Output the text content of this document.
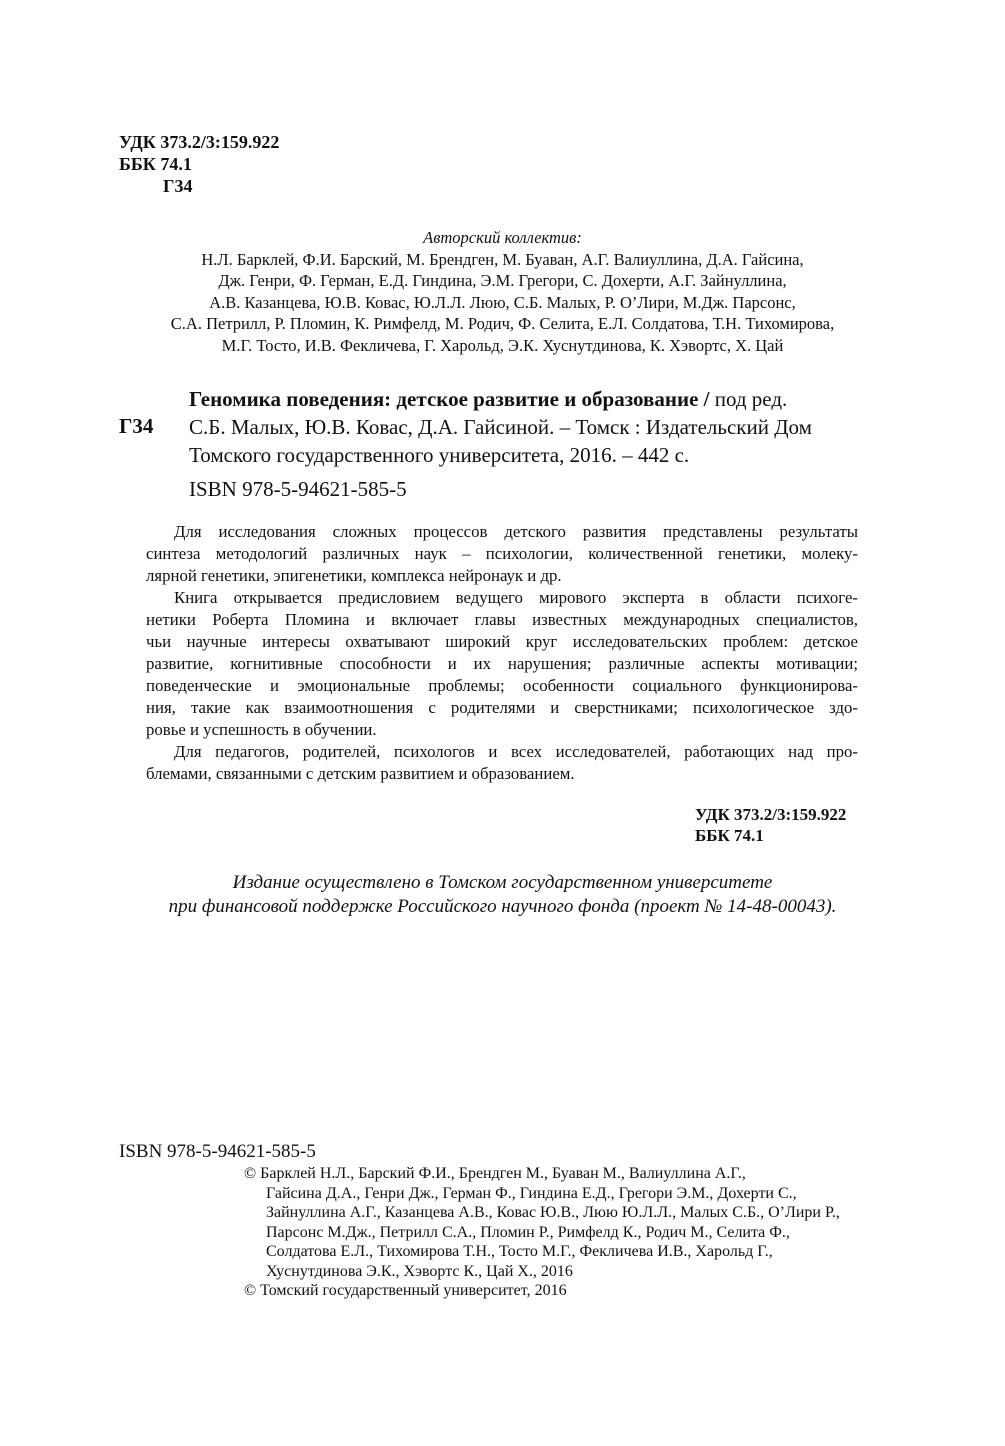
УДК 373.2/3:159.922
ББК 74.1
Г34
Авторский коллектив:
Н.Л. Барклей, Ф.И. Барский, М. Брендген, М. Буаван, А.Г. Валиуллина, Д.А. Гайсина,
Дж. Генри, Ф. Герман, Е.Д. Гиндина, Э.М. Грегори, С. Дохерти, А.Г. Зайнуллина,
А.В. Казанцева, Ю.В. Ковас, Ю.Л.Л. Люю, С.Б. Малых, Р. О’Лири, М.Дж. Парсонс,
С.А. Петрилл, Р. Пломин, К. Римфелд, М. Родич, Ф. Селита, Е.Л. Солдатова, Т.Н. Тихомирова,
М.Г. Тосто, И.В. Фекличева, Г. Харольд, Э.К. Хуснутдинова, К. Хэвортс, Х. Цай
Г34
Геномика поведения: детское развитие и образование / под ред.
С.Б. Малых, Ю.В. Ковас, Д.А. Гайсиной. – Томск : Издательский Дом
Томского государственного университета, 2016. – 442 с.
ISBN 978-5-94621-585-5

Для исследования сложных процессов детского развития представлены результаты
синтеза методологий различных наук – психологии, количественной генетики, молеку-
лярной генетики, эпигенетики, комплекса нейронаук и др.

Книга открывается предисловием ведущего мирового эксперта в области психоге-
нетики Роберта Пломина и включает главы известных международных специалистов,
чьи научные интересы охватывают широкий круг исследовательских проблем: детское
развитие, когнитивные способности и их нарушения; различные аспекты мотивации;
поведенческие и эмоциональные проблемы; особенности социального функционирова-
ния, такие как взаимоотношения с родителями и сверстниками; психологическое здо-
ровье и успешность в обучении.

Для педагогов, родителей, психологов и всех исследователей, работающих над про-
блемами, связанными с детским развитием и образованием.

УДК 373.2/3:159.922
ББК 74.1
Издание осуществлено в Томском государственном университете
при финансовой поддержке Российского научного фонда (проект № 14-48-00043).
ISBN 978-5-94621-585-5
© Барклей Н.Л., Барский Ф.И., Брендген М., Буаван М., Валиуллина А.Г.,
Гайсина Д.А., Генри Дж., Герман Ф., Гиндина Е.Д., Грегори Э.М., Дохерти С.,
Зайнуллина А.Г., Казанцева А.В., Ковас Ю.В., Люю Ю.Л.Л., Малых С.Б., О’Лири Р.,
Парсонс М.Дж., Петрилл С.А., Пломин Р., Римфелд К., Родич М., Селита Ф.,
Солдатова Е.Л., Тихомирова Т.Н., Тосто М.Г., Фекличева И.В., Харольд Г.,
Хуснутдинова Э.К., Хэвортс К., Цай Х., 2016
© Томский государственный университет, 2016
